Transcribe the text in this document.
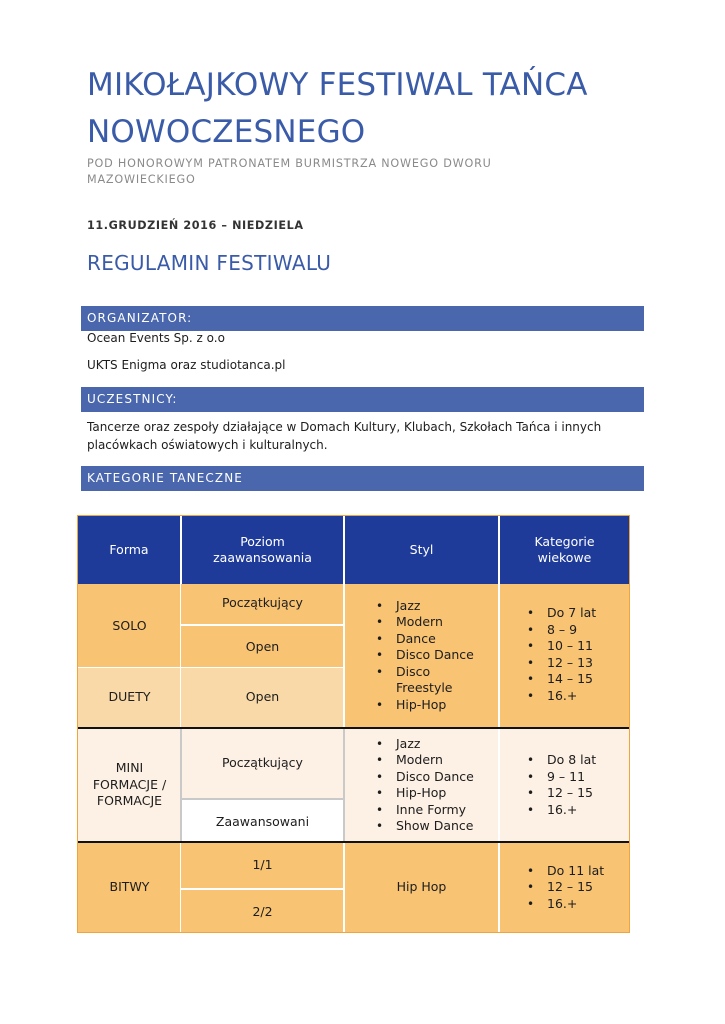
MIKOŁAJKOWY FESTIWAL TAŃCA
NOWOCZESNEGO
POD HONOROWYM PATRONATEM BURMISTRZA NOWEGO DWORU
MAZOWIECKIEGO
11.GRUDZIEŃ 2016 – NIEDZIELA
REGULAMIN FESTIWALU
ORGANIZATOR:
Ocean Events Sp. z o.o
UKTS Enigma oraz studiotanca.pl
UCZESTNICY:
Tancerze oraz zespoły działające w Domach Kultury, Klubach, Szkołach Tańca i innych
placówkach oświatowych i kulturalnych.
KATEGORIE TANECZNE
Forma
Poziom
zaawansowania
Styl
Kategorie
wiekowe
SOLO
Początkujący
Open
DUETY	Open
• Jazz
• Modern
• Dance
• Disco Dance
• Disco
Freestyle
• Hip-Hop
• Do 7 lat
• 8 – 9
• 10 – 11
• 12 – 13
• 14 – 15
• 16.+
MINI
FORMACJE /
FORMACJE
Początkujący
Zaawansowani
• Jazz
• Modern
• Disco Dance
• Hip-Hop
• Inne Formy
• Show Dance
• Do 8 lat
• 9 – 11
• 12 – 15
• 16.+
BITWY
1/1
2/2
Hip Hop
• Do 11 lat
• 12 – 15
• 16.+
